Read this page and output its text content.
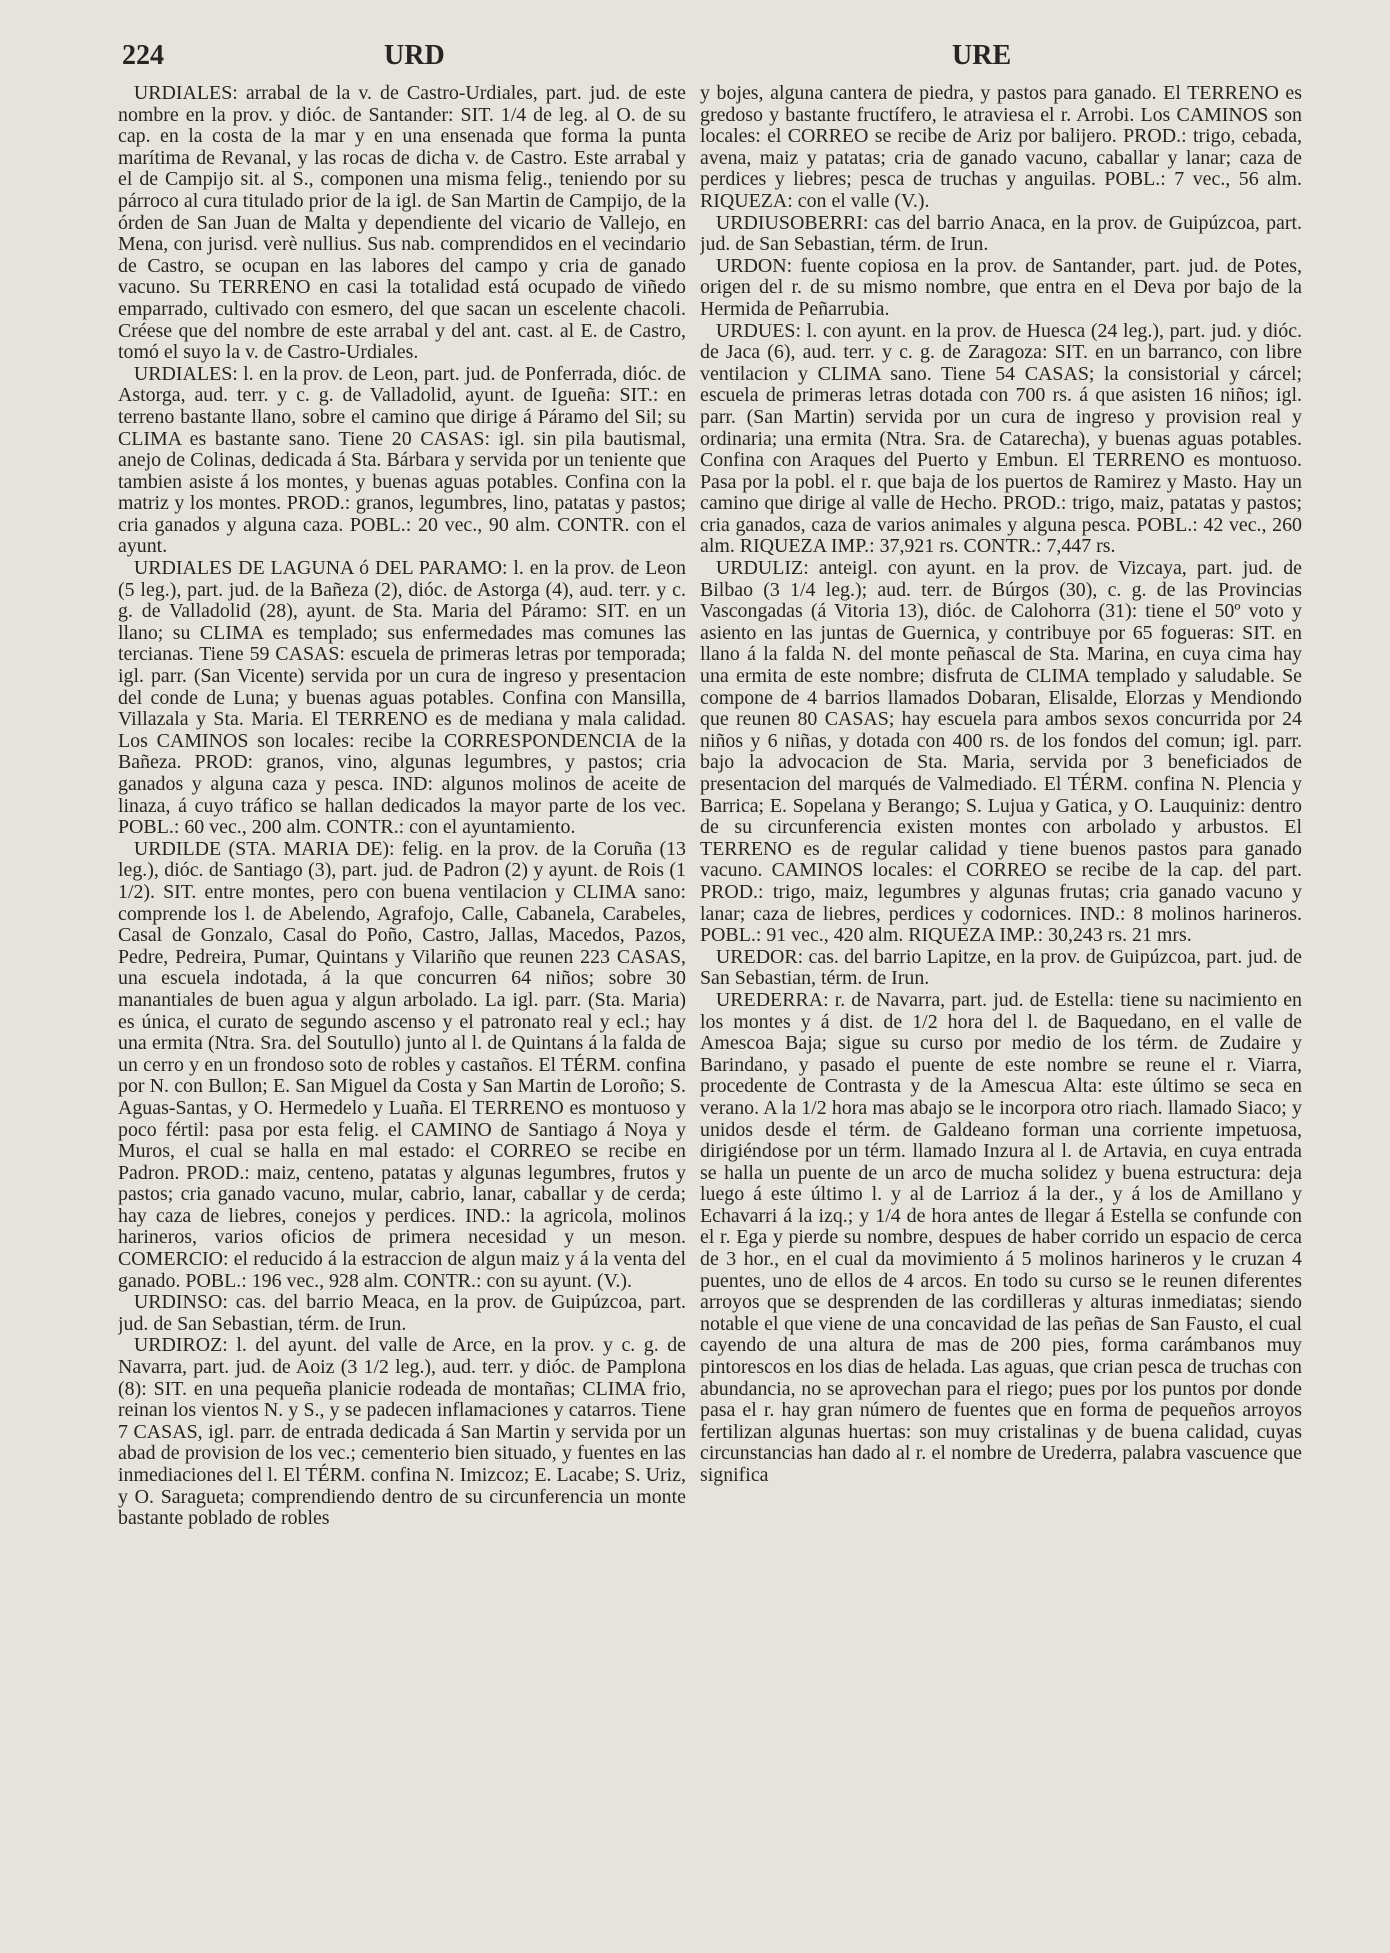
224	URD	URE

URDIALES: arrabal de la v. de Castro-Urdiales, part. jud. de este nombre en la prov. y dióc. de Santander: SIT. 1/4 de leg. al O. de su cap. en la costa de la mar y en una ensenada que forma la punta marítima de Revanal, y las rocas de dicha v. de Castro. Este arrabal y el de Campijo sit. al S., componen una misma felig., teniendo por su párroco al cura titulado prior de la igl. de San Martin de Campijo, de la órden de San Juan de Malta y dependiente del vicario de Vallejo, en Mena, con jurisd. verè nullius. Sus nab. comprendidos en el vecindario de Castro, se ocupan en las labores del campo y cria de ganado vacuno. Su TERRENO en casi la totalidad está ocupado de viñedo emparrado, cultivado con esmero, del que sacan un escelente chacoli. Créese que del nombre de este arrabal y del ant. cast. al E. de Castro, tomó el suyo la v. de Castro-Urdiales.

URDIALES: l. en la prov. de Leon, part. jud. de Ponferrada, dióc. de Astorga, aud. terr. y c. g. de Valladolid, ayunt. de Igueña: SIT.: en terreno bastante llano, sobre el camino que dirige á Páramo del Sil; su CLIMA es bastante sano. Tiene 20 CASAS: igl. sin pila bautismal, anejo de Colinas, dedicada á Sta. Bárbara y servida por un teniente que tambien asiste á los montes, y buenas aguas potables. Confina con la matriz y los montes. PROD.: granos, legumbres, lino, patatas y pastos; cria ganados y alguna caza. POBL.: 20 vec., 90 alm. CONTR. con el ayunt.

URDIALES DE LAGUNA ó DEL PARAMO: l. en la prov. de Leon (5 leg.), part. jud. de la Bañeza (2), dióc. de Astorga (4), aud. terr. y c. g. de Valladolid (28), ayunt. de Sta. Maria del Páramo: SIT. en un llano; su CLIMA es templado; sus enfermedades mas comunes las tercianas. Tiene 59 CASAS: escuela de primeras letras por temporada; igl. parr. (San Vicente) servida por un cura de ingreso y presentacion del conde de Luna; y buenas aguas potables. Confina con Mansilla, Villazala y Sta. Maria. El TERRENO es de mediana y mala calidad. Los CAMINOS son locales: recibe la CORRESPONDENCIA de la Bañeza. PROD: granos, vino, algunas legumbres, y pastos; cria ganados y alguna caza y pesca. IND: algunos molinos de aceite de linaza, á cuyo tráfico se hallan dedicados la mayor parte de los vec. POBL.: 60 vec., 200 alm. CONTR.: con el ayuntamiento.

URDILDE (STA. MARIA DE): felig. en la prov. de la Coruña (13 leg.), dióc. de Santiago (3), part. jud. de Padron (2) y ayunt. de Rois (1 1/2). SIT. entre montes, pero con buena ventilacion y CLIMA sano: comprende los l. de Abelendo, Agrafojo, Calle, Cabanela, Carabeles, Casal de Gonzalo, Casal do Poño, Castro, Jallas, Macedos, Pazos, Pedre, Pedreira, Pumar, Quintans y Vilariño que reunen 223 CASAS, una escuela indotada, á la que concurren 64 niños; sobre 30 manantiales de buen agua y algun arbolado. La igl. parr. (Sta. Maria) es única, el curato de segundo ascenso y el patronato real y ecl.; hay una ermita (Ntra. Sra. del Soutullo) junto al l. de Quintans á la falda de un cerro y en un frondoso soto de robles y castaños. El TÉRM. confina por N. con Bullon; E. San Miguel da Costa y San Martin de Loroño; S. Aguas-Santas, y O. Hermedelo y Luaña. El TERRENO es montuoso y poco fértil: pasa por esta felig. el CAMINO de Santiago á Noya y Muros, el cual se halla en mal estado: el CORREO se recibe en Padron. PROD.: maiz, centeno, patatas y algunas legumbres, frutos y pastos; cria ganado vacuno, mular, cabrio, lanar, caballar y de cerda; hay caza de liebres, conejos y perdices. IND.: la agricola, molinos harineros, varios oficios de primera necesidad y un meson. COMERCIO: el reducido á la estraccion de algun maiz y á la venta del ganado. POBL.: 196 vec., 928 alm. CONTR.: con su ayunt. (V.).

URDINSO: cas. del barrio Meaca, en la prov. de Guipúzcoa, part. jud. de San Sebastian, térm. de Irun.

URDIROZ: l. del ayunt. del valle de Arce, en la prov. y c. g. de Navarra, part. jud. de Aoiz (3 1/2 leg.), aud. terr. y dióc. de Pamplona (8): SIT. en una pequeña planicie rodeada de montañas; CLIMA frio, reinan los vientos N. y S., y se padecen inflamaciones y catarros. Tiene 7 CASAS, igl. parr. de entrada dedicada á San Martin y servida por un abad de provision de los vec.; cementerio bien situado, y fuentes en las inmediaciones del l. El TÉRM. confina N. Imizcoz; E. Lacabe; S. Uriz, y O. Saragueta; comprendiendo dentro de su circunferencia un monte bastante poblado de robles

y bojes, alguna cantera de piedra, y pastos para ganado. El TERRENO es gredoso y bastante fructífero, le atraviesa el r. Arrobi. Los CAMINOS son locales: el CORREO se recibe de Ariz por balijero. PROD.: trigo, cebada, avena, maiz y patatas; cria de ganado vacuno, caballar y lanar; caza de perdices y liebres; pesca de truchas y anguilas. POBL.: 7 vec., 56 alm. RIQUEZA: con el valle (V.).

URDIUSOBERRI: cas del barrio Anaca, en la prov. de Guipúzcoa, part. jud. de San Sebastian, térm. de Irun.

URDON: fuente copiosa en la prov. de Santander, part. jud. de Potes, origen del r. de su mismo nombre, que entra en el Deva por bajo de la Hermida de Peñarrubia.

URDUES: l. con ayunt. en la prov. de Huesca (24 leg.), part. jud. y dióc. de Jaca (6), aud. terr. y c. g. de Zaragoza: SIT. en un barranco, con libre ventilacion y CLIMA sano. Tiene 54 CASAS; la consistorial y cárcel; escuela de primeras letras dotada con 700 rs. á que asisten 16 niños; igl. parr. (San Martin) servida por un cura de ingreso y provision real y ordinaria; una ermita (Ntra. Sra. de Catarecha), y buenas aguas potables. Confina con Araques del Puerto y Embun. El TERRENO es montuoso. Pasa por la pobl. el r. que baja de los puertos de Ramirez y Masto. Hay un camino que dirige al valle de Hecho. PROD.: trigo, maiz, patatas y pastos; cria ganados, caza de varios animales y alguna pesca. POBL.: 42 vec., 260 alm. RIQUEZA IMP.: 37,921 rs. CONTR.: 7,447 rs.

URDULIZ: anteigl. con ayunt. en la prov. de Vizcaya, part. jud. de Bilbao (3 1/4 leg.); aud. terr. de Búrgos (30), c. g. de las Provincias Vascongadas (á Vitoria 13), dióc. de Calohorra (31): tiene el 50º voto y asiento en las juntas de Guernica, y contribuye por 65 fogueras: SIT. en llano á la falda N. del monte peñascal de Sta. Marina, en cuya cima hay una ermita de este nombre; disfruta de CLIMA templado y saludable. Se compone de 4 barrios llamados Dobaran, Elisalde, Elorzas y Mendiondo que reunen 80 CASAS; hay escuela para ambos sexos concurrida por 24 niños y 6 niñas, y dotada con 400 rs. de los fondos del comun; igl. parr. bajo la advocacion de Sta. Maria, servida por 3 beneficiados de presentacion del marqués de Valmediado. El TÉRM. confina N. Plencia y Barrica; E. Sopelana y Berango; S. Lujua y Gatica, y O. Lauquiniz: dentro de su circunferencia existen montes con arbolado y arbustos. El TERRENO es de regular calidad y tiene buenos pastos para ganado vacuno. CAMINOS locales: el CORREO se recibe de la cap. del part. PROD.: trigo, maiz, legumbres y algunas frutas; cria ganado vacuno y lanar; caza de liebres, perdices y codornices. IND.: 8 molinos harineros. POBL.: 91 vec., 420 alm. RIQUEZA IMP.: 30,243 rs. 21 mrs.

UREDOR: cas. del barrio Lapitze, en la prov. de Guipúzcoa, part. jud. de San Sebastian, térm. de Irun.

UREDERRA: r. de Navarra, part. jud. de Estella: tiene su nacimiento en los montes y á dist. de 1/2 hora del l. de Baquedano, en el valle de Amescoa Baja; sigue su curso por medio de los térm. de Zudaire y Barindano, y pasado el puente de este nombre se reune el r. Viarra, procedente de Contrasta y de la Amescua Alta: este último se seca en verano. A la 1/2 hora mas abajo se le incorpora otro riach. llamado Siaco; y unidos desde el térm. de Galdeano forman una corriente impetuosa, dirigiéndose por un térm. llamado Inzura al l. de Artavia, en cuya entrada se halla un puente de un arco de mucha solidez y buena estructura: deja luego á este último l. y al de Larrioz á la der., y á los de Amillano y Echavarri á la izq.; y 1/4 de hora antes de llegar á Estella se confunde con el r. Ega y pierde su nombre, despues de haber corrido un espacio de cerca de 3 hor., en el cual da movimiento á 5 molinos harineros y le cruzan 4 puentes, uno de ellos de 4 arcos. En todo su curso se le reunen diferentes arroyos que se desprenden de las cordilleras y alturas inmediatas; siendo notable el que viene de una concavidad de las peñas de San Fausto, el cual cayendo de una altura de mas de 200 pies, forma carámbanos muy pintorescos en los dias de helada. Las aguas, que crian pesca de truchas con abundancia, no se aprovechan para el riego; pues por los puntos por donde pasa el r. hay gran número de fuentes que en forma de pequeños arroyos fertilizan algunas huertas: son muy cristalinas y de buena calidad, cuyas circunstancias han dado al r. el nombre de Urederra, palabra vascuence que significa
